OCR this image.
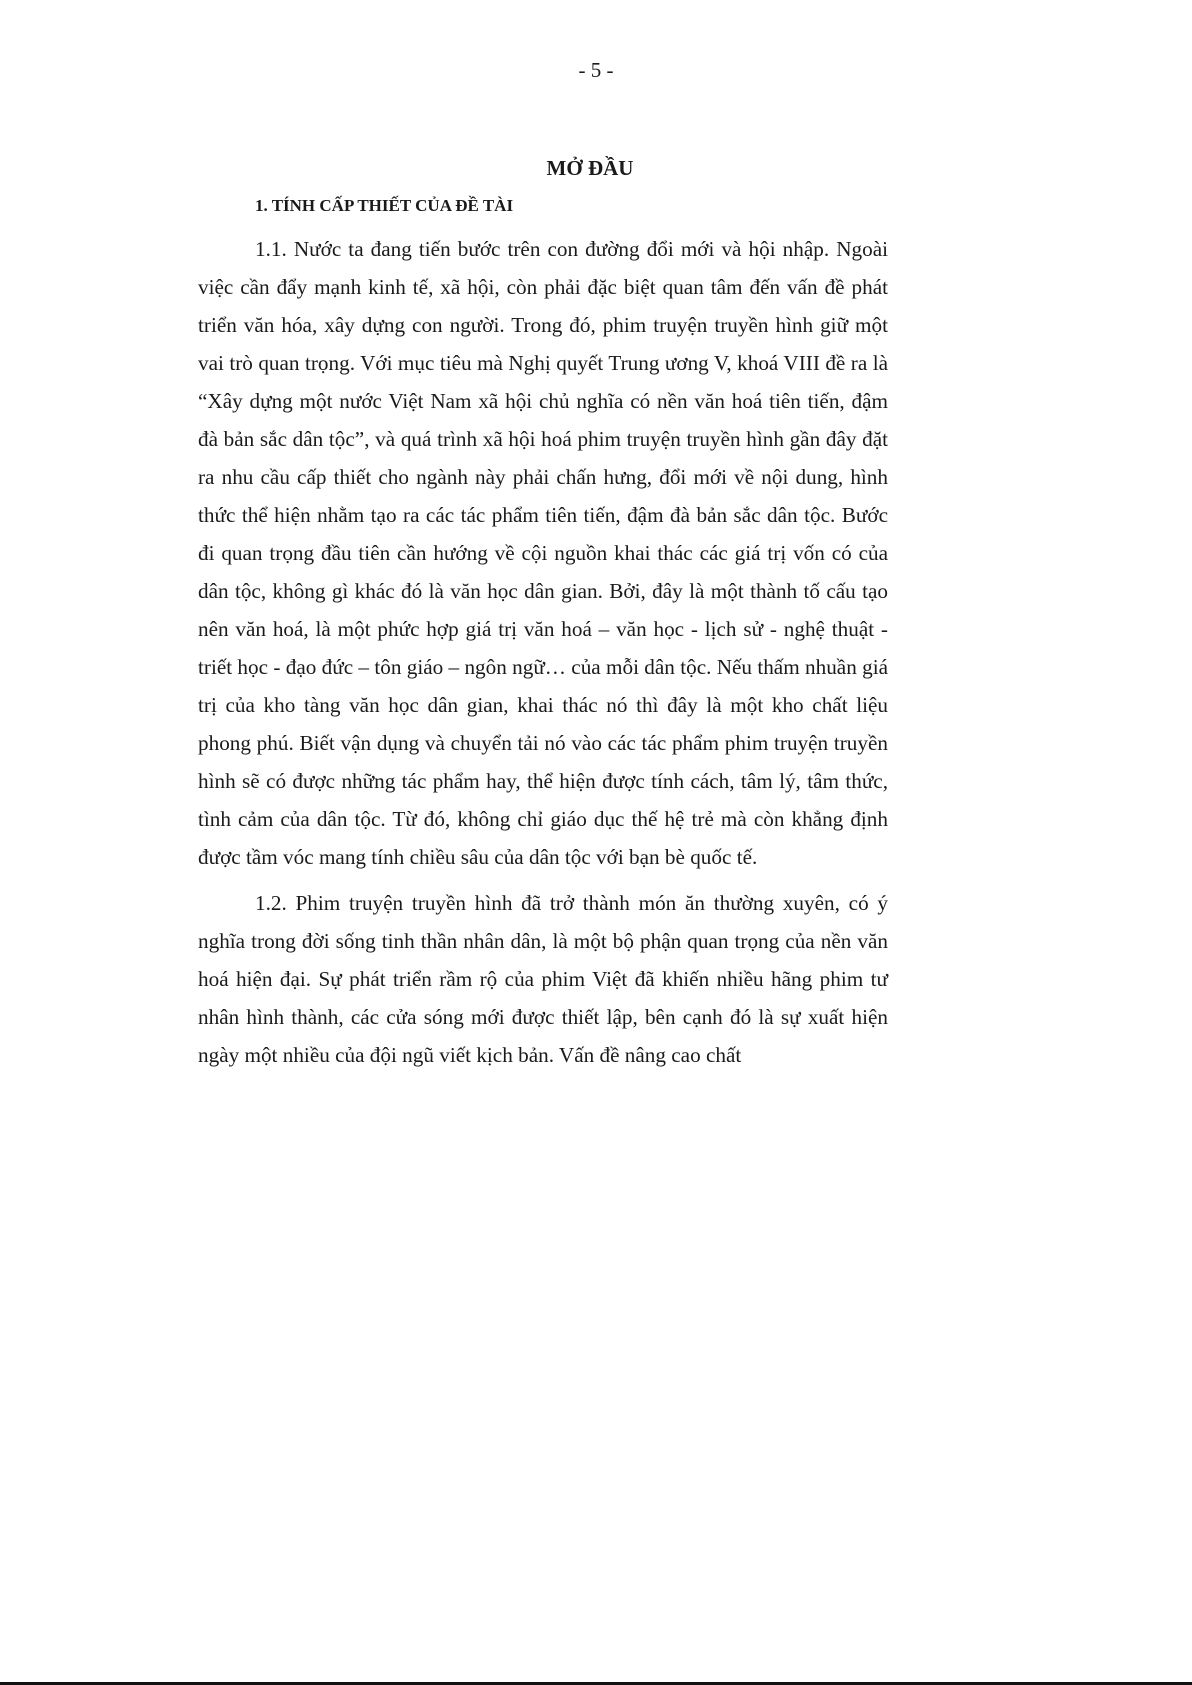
- 5 -
MỞ ĐẦU
1. TÍNH CẤP THIẾT CỦA ĐỀ TÀI

1.1. Nước ta đang tiến bước trên con đường đổi mới và hội nhập. Ngoài việc cần đẩy mạnh kinh tế, xã hội, còn phải đặc biệt quan tâm đến vấn đề phát triển văn hóa, xây dựng con người. Trong đó, phim truyện truyền hình giữ một vai trò quan trọng. Với mục tiêu mà Nghị quyết Trung ương V, khoá VIII đề ra là “Xây dựng một nước Việt Nam xã hội chủ nghĩa có nền văn hoá tiên tiến, đậm đà bản sắc dân tộc”, và quá trình xã hội hoá phim truyện truyền hình gần đây đặt ra nhu cầu cấp thiết cho ngành này phải chấn hưng, đổi mới về nội dung, hình thức thể hiện nhằm tạo ra các tác phẩm tiên tiến, đậm đà bản sắc dân tộc. Bước đi quan trọng đầu tiên cần hướng về cội nguồn khai thác các giá trị vốn có của dân tộc, không gì khác đó là văn học dân gian. Bởi, đây là một thành tố cấu tạo nên văn hoá, là một phức hợp giá trị văn hoá – văn học - lịch sử - nghệ thuật - triết học - đạo đức – tôn giáo – ngôn ngữ… của mỗi dân tộc. Nếu thấm nhuần giá trị của kho tàng văn học dân gian, khai thác nó thì đây là một kho chất liệu phong phú. Biết vận dụng và chuyển tải nó vào các tác phẩm phim truyện truyền hình sẽ có được những tác phẩm hay, thể hiện được tính cách, tâm lý, tâm thức, tình cảm của dân tộc. Từ đó, không chỉ giáo dục thế hệ trẻ mà còn khẳng định được tầm vóc mang tính chiều sâu của dân tộc với bạn bè quốc tế.

1.2. Phim truyện truyền hình đã trở thành món ăn thường xuyên, có ý nghĩa trong đời sống tinh thần nhân dân, là một bộ phận quan trọng của nền văn hoá hiện đại. Sự phát triển rầm rộ của phim Việt đã khiến nhiều hãng phim tư nhân hình thành, các cửa sóng mới được thiết lập, bên cạnh đó là sự xuất hiện ngày một nhiều của đội ngũ viết kịch bản. Vấn đề nâng cao chất
